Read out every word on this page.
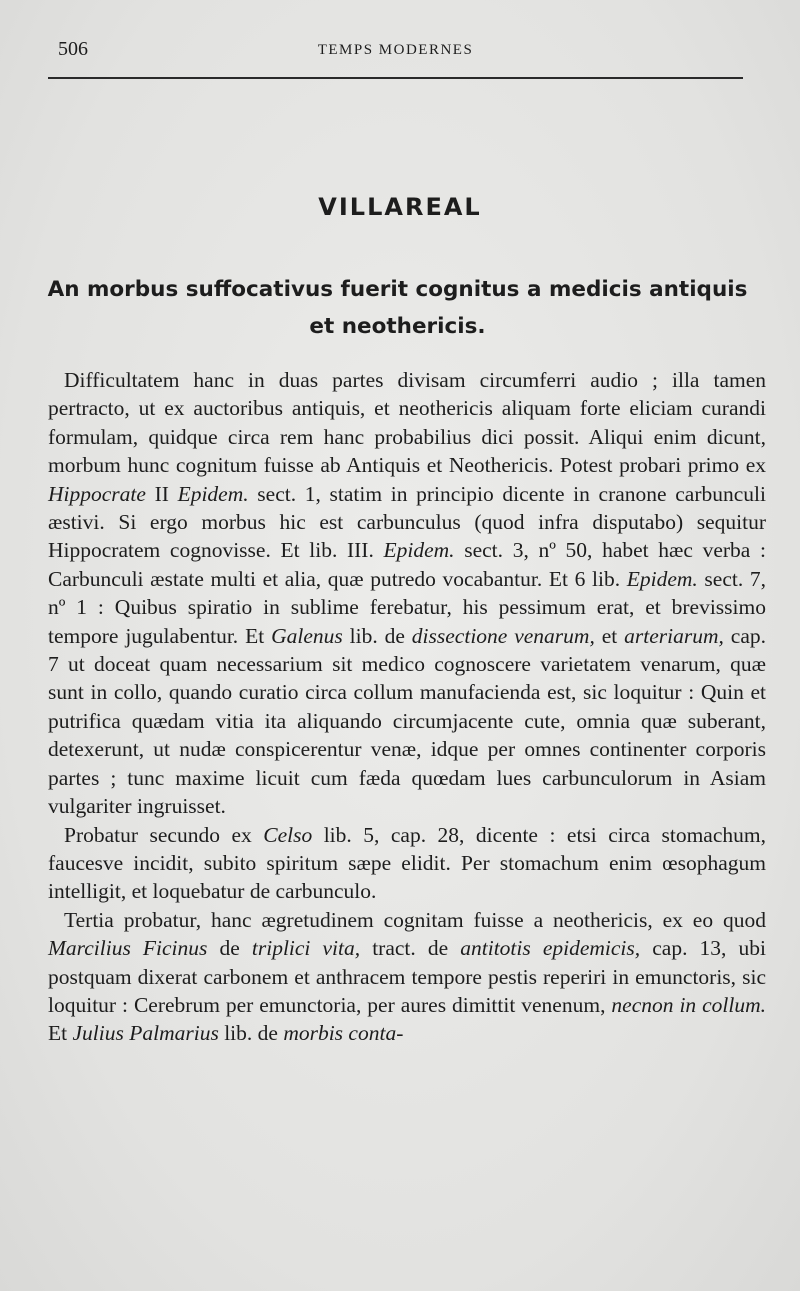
506	TEMPS MODERNES
VILLAREAL
An morbus suffocativus fuerit cognitus a medicis antiquis
et neothericis.

Difficultatem hanc in duas partes divisam circumferri audio ; illa tamen pertracto, ut ex auctoribus antiquis, et neothericis aliquam forte eliciam curandi formulam, quidque circa rem hanc probabilius dici possit. Aliqui enim dicunt, morbum hunc cognitum fuisse ab Antiquis et Neothericis. Potest probari primo ex Hippocrate II Epidem. sect. 1, statim in principio dicente in cranone carbunculi æstivi. Si ergo morbus hic est carbunculus (quod infra disputabo) sequitur Hippocratem cognovisse. Et lib. III. Epidem. sect. 3, nº 50, habet hæc verba : Carbunculi æstate multi et alia, quæ putredo vocabantur. Et 6 lib. Epidem. sect. 7, nº 1 : Quibus spiratio in sublime ferebatur, his pessimum erat, et brevissimo tempore jugulabentur. Et Galenus lib. de dissectione venarum, et arteriarum, cap. 7 ut doceat quam necessarium sit medico cognoscere varietatem venarum, quæ sunt in collo, quando curatio circa collum manufacienda est, sic loquitur : Quin et putrifica quædam vitia ita aliquando circumjacente cute, omnia quæ suberant, detexerunt, ut nudæ conspicerentur venæ, idque per omnes continenter corporis partes ; tunc maxime licuit cum fæda quœdam lues carbunculorum in Asiam vulgariter ingruisset.

Probatur secundo ex Celso lib. 5, cap. 28, dicente : etsi circa stomachum, faucesve incidit, subito spiritum sæpe elidit. Per stomachum enim œsophagum intelligit, et loquebatur de carbunculo.

Tertia probatur, hanc ægretudinem cognitam fuisse a neothericis, ex eo quod Marcilius Ficinus de triplici vita, tract. de antitotis epidemicis, cap. 13, ubi postquam dixerat carbonem et anthracem tempore pestis reperiri in emunctoris, sic loquitur : Cerebrum per emunctoria, per aures dimittit venenum, necnon in collum. Et Julius Palmarius lib. de morbis conta-
